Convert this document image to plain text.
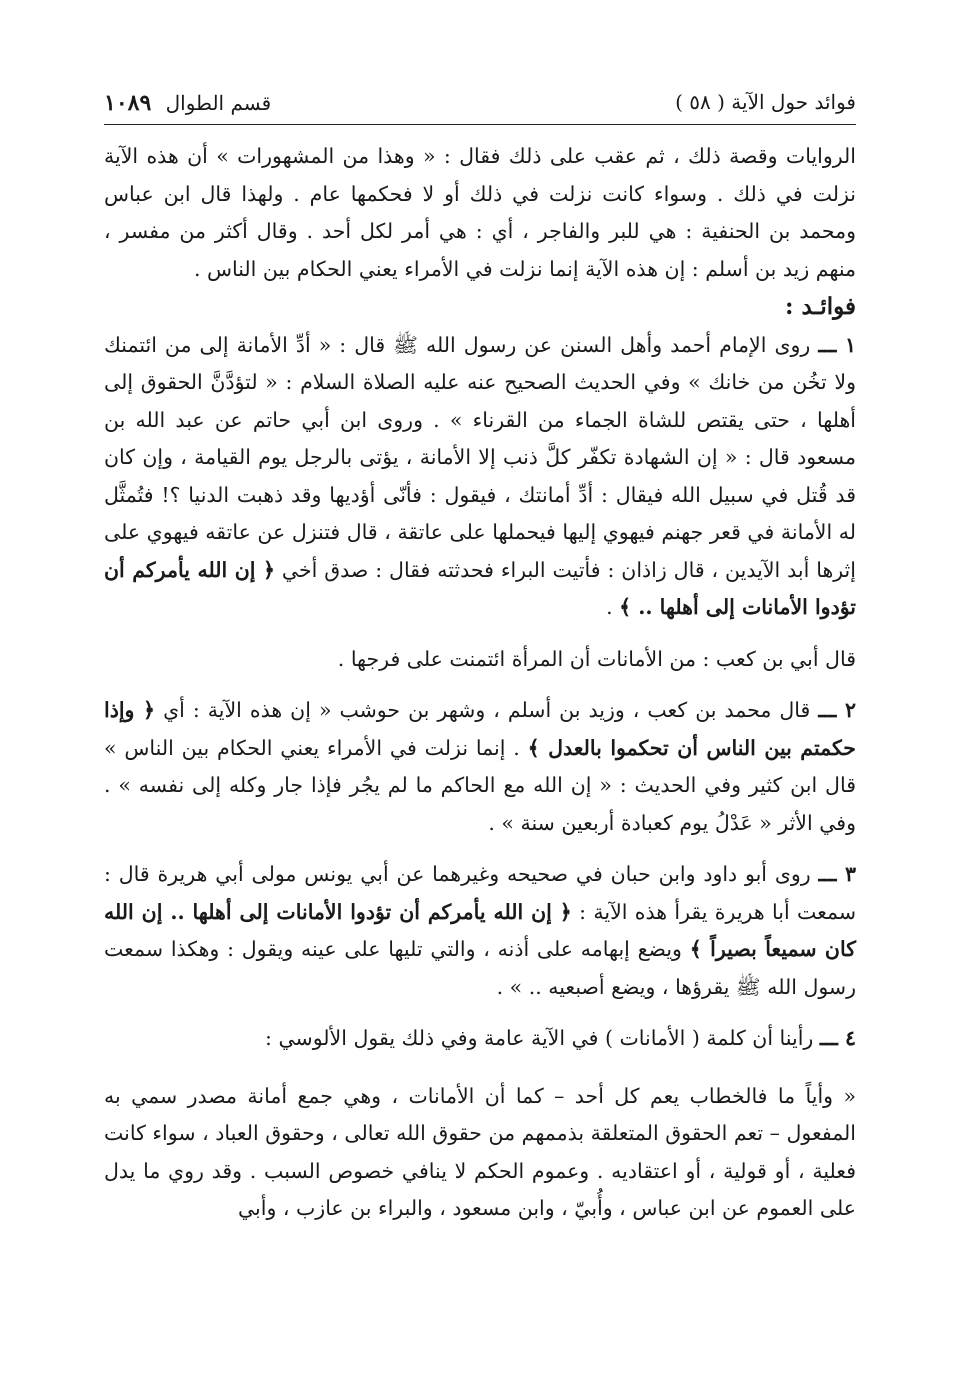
فوائد حول الآية ( ٥٨ )
قسم الطوال ١٠٨٩

الروايات وقصة ذلك ، ثم عقب على ذلك فقال : « وهذا من المشهورات » أن هذه الآية نزلت في ذلك . وسواء كانت نزلت في ذلك أو لا فحكمها عام . ولهذا قال ابن عباس ومحمد بن الحنفية : هي للبر والفاجر ، أي : هي أمر لكل أحد . وقال أكثر من مفسر ، منهم زيد بن أسلم : إن هذه الآية إنما نزلت في الأمراء يعني الحكام بين الناس .

فوائـد :

١ ـــ روى الإمام أحمد وأهل السنن عن رسول الله ﷺ قال : « أدِّ الأمانة إلى من ائتمنك ولا تخُن من خانك » وفي الحديث الصحيح عنه عليه الصلاة السلام : « لتؤدَّنَّ الحقوق إلى أهلها ، حتى يقتص للشاة الجماء من القرناء » . وروى ابن أبي حاتم عن عبد الله بن مسعود قال : « إن الشهادة تكفّر كلَّ ذنب إلا الأمانة ، يؤتى بالرجل يوم القيامة ، وإن كان قد قُتل في سبيل الله فيقال : أدِّ أمانتك ، فيقول : فأنّى أؤديها وقد ذهبت الدنيا ؟! فتُمثَّل له الأمانة في قعر جهنم فيهوي إليها فيحملها على عاتقة ، قال فتنزل عن عاتقه فيهوي على إثرها أبد الآيدين ، قال زاذان : فأتيت البراء فحدثته فقال : صدق أخي ﴿ إن الله يأمركم أن تؤدوا الأمانات إلى أهلها .. ﴾ .

قال أبي بن كعب : من الأمانات أن المرأة ائتمنت على فرجها .

٢ ـــ قال محمد بن كعب ، وزيد بن أسلم ، وشهر بن حوشب « إن هذه الآية : أي ﴿ وإذا حكمتم بين الناس أن تحكموا بالعدل ﴾ . إنما نزلت في الأمراء يعني الحكام بين الناس » قال ابن كثير وفي الحديث : « إن الله مع الحاكم ما لم يجُر فإذا جار وكله إلى نفسه » . وفي الأثر « عَدْلُ يوم كعبادة أربعين سنة » .

٣ ـــ روى أبو داود وابن حبان في صحيحه وغيرهما عن أبي يونس مولى أبي هريرة قال : سمعت أبا هريرة يقرأ هذه الآية : ﴿ إن الله يأمركم أن تؤدوا الأمانات إلى أهلها .. إن الله كان سميعاً بصيراً ﴾ ويضع إبهامه على أذنه ، والتي تليها على عينه ويقول : وهكذا سمعت رسول الله ﷺ يقرؤها ، ويضع أصبعيه .. » .

٤ ـــ رأينا أن كلمة ( الأمانات ) في الآية عامة وفي ذلك يقول الألوسي :

« وأياً ما فالخطاب يعم كل أحد – كما أن الأمانات ، وهي جمع أمانة مصدر سمي به المفعول – تعم الحقوق المتعلقة بذممهم من حقوق الله تعالى ، وحقوق العباد ، سواء كانت فعلية ، أو قولية ، أو اعتقاديه . وعموم الحكم لا ينافي خصوص السبب . وقد روي ما يدل على العموم عن ابن عباس ، وأُبيّ ، وابن مسعود ، والبراء بن عازب ، وأبي
